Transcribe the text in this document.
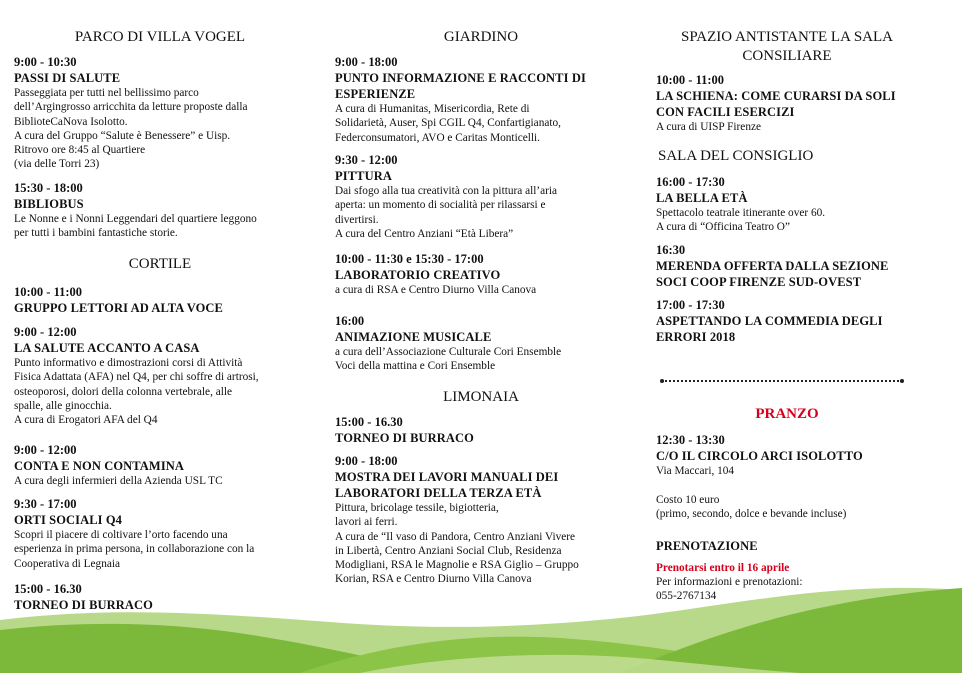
PARCO DI VILLA VOGEL
9:00 - 10:30
PASSI DI SALUTE
Passeggiata per tutti nel bellissimo parco
dell’Argingrosso arricchita da letture proposte dalla
BiblioteCaNova Isolotto.
A cura del Gruppo “Salute è Benessere” e Uisp.
Ritrovo ore 8:45 al Quartiere
(via delle Torri 23)
15:30 - 18:00
BIBLIOBUS
Le Nonne e i Nonni Leggendari del quartiere leggono
per tutti i bambini fantastiche storie.
CORTILE
10:00 - 11:00
GRUPPO LETTORI AD ALTA VOCE
9:00 - 12:00
LA SALUTE ACCANTO A CASA
Punto informativo e dimostrazioni corsi di Attività
Fisica Adattata (AFA) nel Q4, per chi soffre di artrosi,
osteoporosi, dolori della colonna vertebrale, alle
spalle, alle ginocchia.
A cura di Erogatori AFA del Q4
9:00 - 12:00
CONTA E NON CONTAMINA
A cura degli infermieri della Azienda USL TC
9:30 - 17:00
ORTI SOCIALI Q4
Scopri il piacere di coltivare l’orto facendo una
esperienza in prima persona, in collaborazione con la
Cooperativa di Legnaia
15:00 - 16.30
TORNEO DI BURRACO
GIARDINO
9:00 - 18:00
PUNTO INFORMAZIONE E RACCONTI DI
ESPERIENZE
A cura di Humanitas, Misericordia, Rete di
Solidarietà, Auser, Spi CGIL Q4, Confartigianato,
Federconsumatori, AVO e Caritas Monticelli.
9:30 - 12:00
PITTURA
Dai sfogo alla tua creatività con la pittura all’aria
aperta: un momento di socialità per rilassarsi e
divertirsi.
A cura del Centro Anziani “Età Libera”
10:00 - 11:30 e 15:30 - 17:00
LABORATORIO CREATIVO
a cura di RSA e Centro Diurno Villa Canova
16:00
ANIMAZIONE MUSICALE
a cura dell’Associazione Culturale Cori Ensemble
Voci della mattina e Cori Ensemble
LIMONAIA
15:00 - 16.30
TORNEO DI BURRACO
9:00 - 18:00
MOSTRA DEI LAVORI MANUALI DEI
LABORATORI DELLA TERZA ETÀ
Pittura, bricolage tessile, bigiotteria,
lavori ai ferri.
A cura de “Il vaso di Pandora, Centro Anziani Vivere
in Libertà, Centro Anziani Social Club, Residenza
Modigliani, RSA le Magnolie e RSA Giglio – Gruppo
Korian, RSA e Centro Diurno Villa Canova
SPAZIO ANTISTANTE LA SALA
CONSILIARE
10:00 - 11:00
LA SCHIENA: COME CURARSI DA SOLI
CON FACILI ESERCIZI
A cura di UISP Firenze
SALA DEL CONSIGLIO
16:00 - 17:30
LA BELLA ETÀ
Spettacolo teatrale itinerante over 60.
A cura di “Officina Teatro O”
16:30
MERENDA OFFERTA DALLA SEZIONE
SOCI COOP FIRENZE SUD-OVEST
17:00 - 17:30
ASPETTANDO LA COMMEDIA DEGLI
ERRORI 2018
PRANZO
12:30 - 13:30
C/O IL CIRCOLO ARCI ISOLOTTO
Via Maccari, 104
Costo 10 euro
(primo, secondo, dolce e bevande incluse)
PRENOTAZIONE
Prenotarsi entro il 16 aprile
Per informazioni e prenotazioni:
055-2767134
